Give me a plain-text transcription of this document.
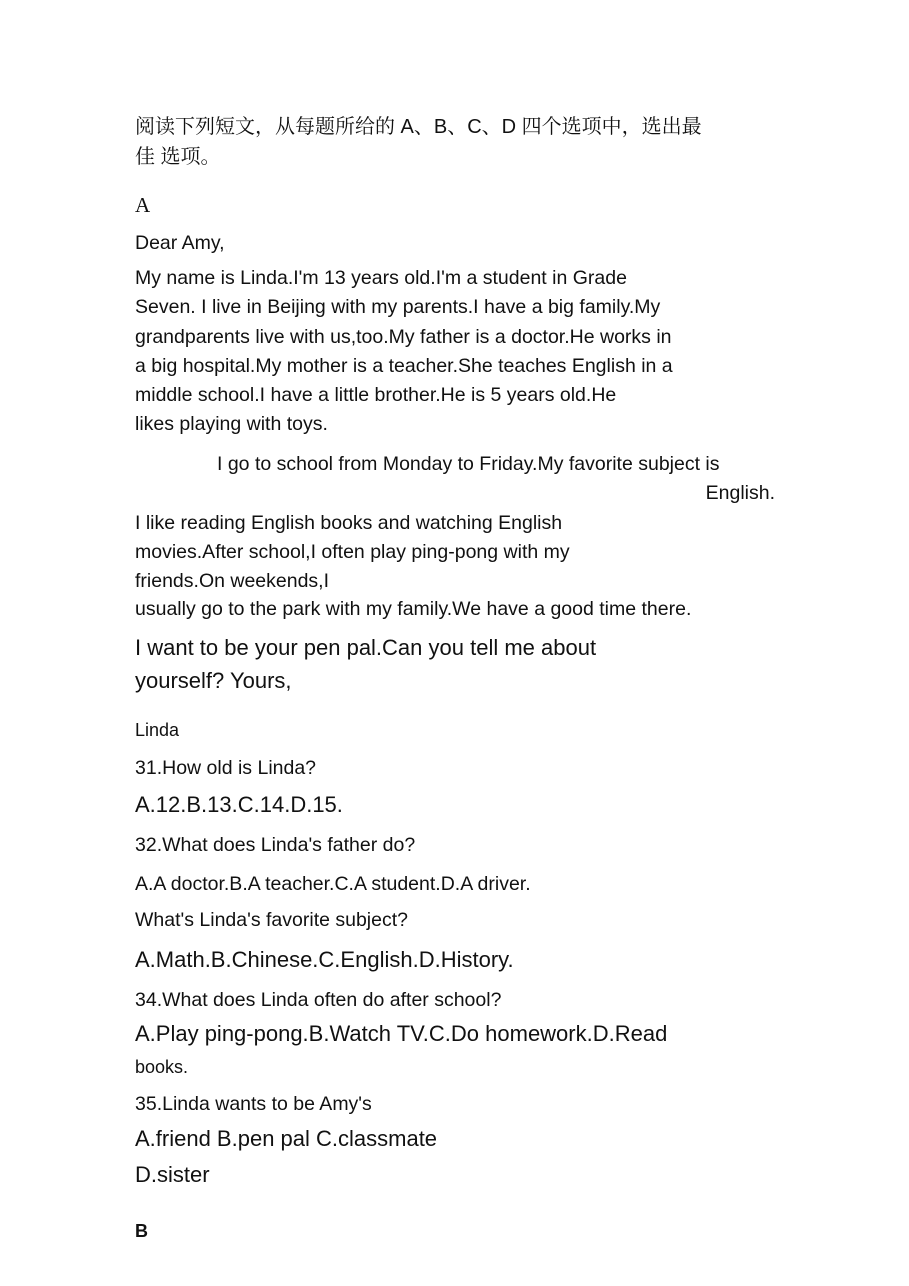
阅读下列短文，从每题所给的 A、B、C、D 四个选项中，选出最
佳 选项。
A
Dear Amy,
My name is Linda.I'm 13 years old.I'm a student in Grade
Seven. I live in Beijing with my parents.I have a big family.My
grandparents live with us,too.My father is a doctor.He works in
a big hospital.My mother is a teacher.She teaches English in a
middle school.I have a little brother.He is 5 years old.He
likes playing with toys.
I go to school from Monday to Friday.My favorite subject is
English.
I like reading English books and watching English
movies.After school,I often play ping-pong with my
friends.On weekends,I
usually go to the park with my family.We have a good time there.
I want to be your pen pal.Can you tell me about
yourself? Yours,
Linda
31.How old is Linda?
A.12.B.13.C.14.D.15.
32.What does Linda's father do?
A.A doctor.B.A teacher.C.A student.D.A driver.
What's Linda's favorite subject?
A.Math.B.Chinese.C.English.D.History.
34.What does Linda often do after school?
A.Play ping-pong.B.Watch TV.C.Do homework.D.Read
books.
35.Linda wants to be Amy's
A.friend B.pen pal C.classmate
D.sister
B
